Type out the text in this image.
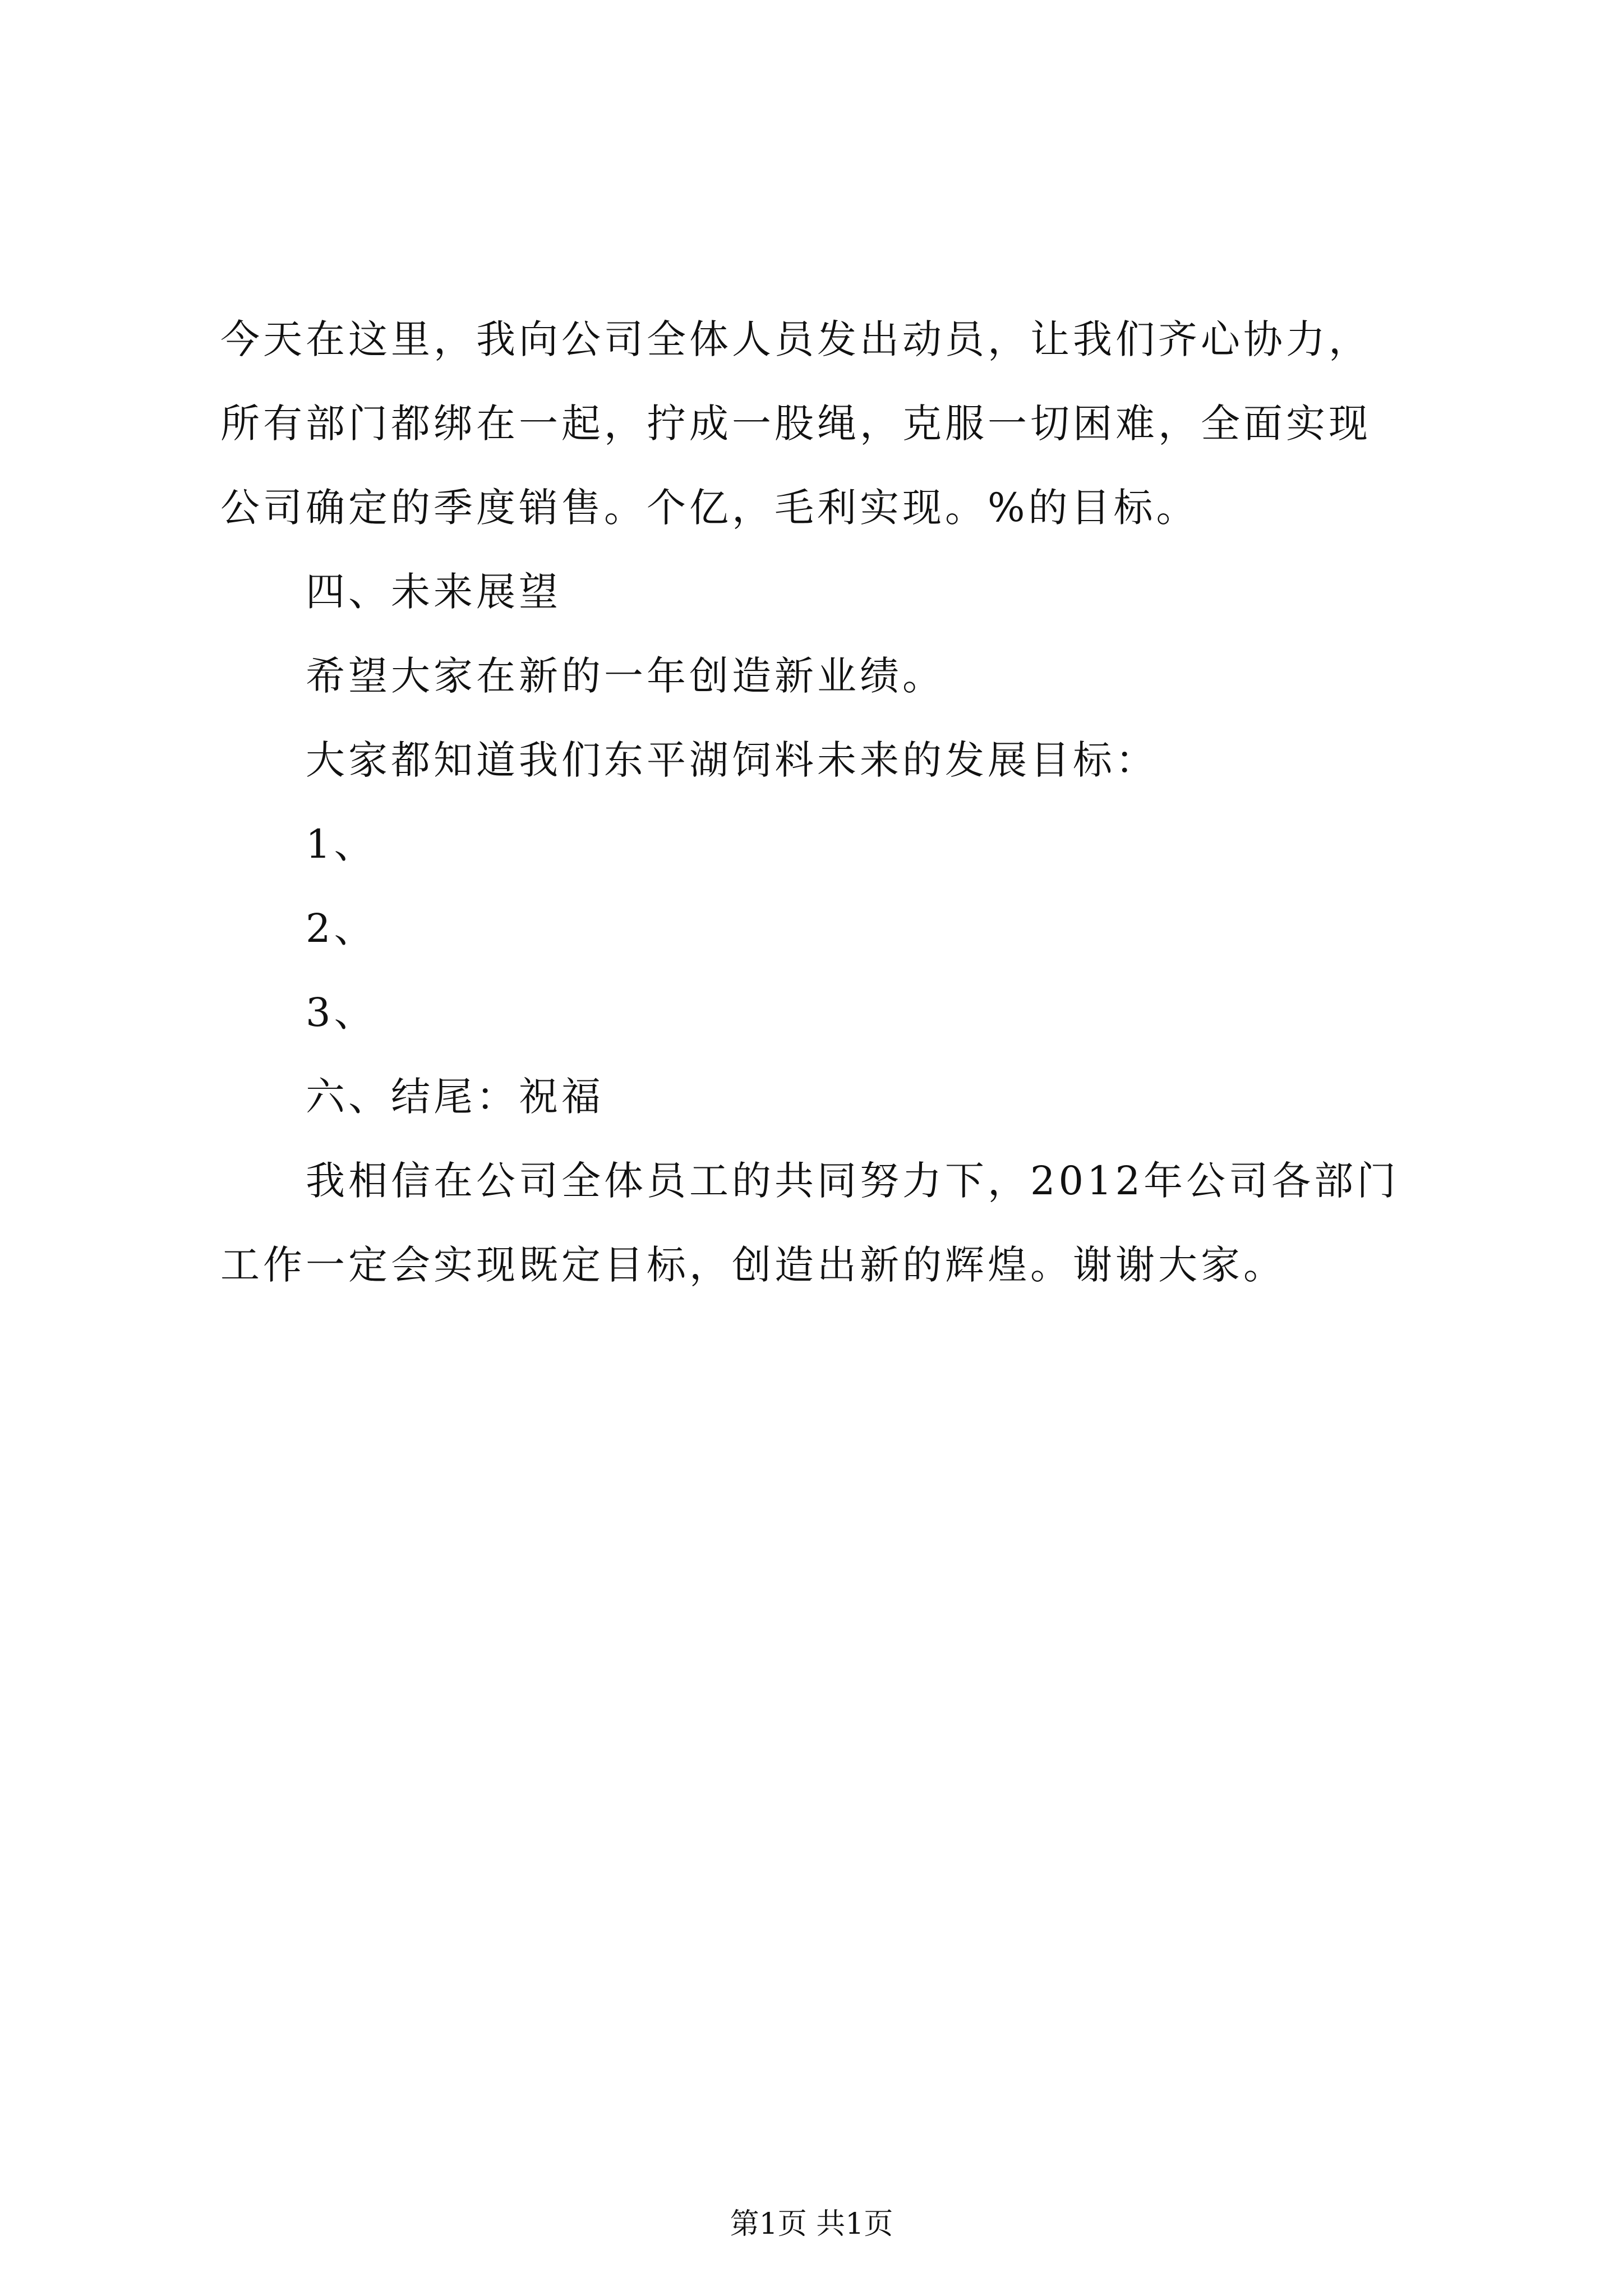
今天在这里，我向公司全体人员发出动员，让我们齐心协力，所有部门都绑在一起，拧成一股绳，克服一切困难，全面实现公司确定的季度销售。个亿，毛利实现。%的目标。

四、未来展望

希望大家在新的一年创造新业绩。

大家都知道我们东平湖饲料未来的发展目标：

1、

2、

3、

六、结尾：祝福

我相信在公司全体员工的共同努力下，2012年公司各部门工作一定会实现既定目标，创造出新的辉煌。谢谢大家。

第1页 共1页
